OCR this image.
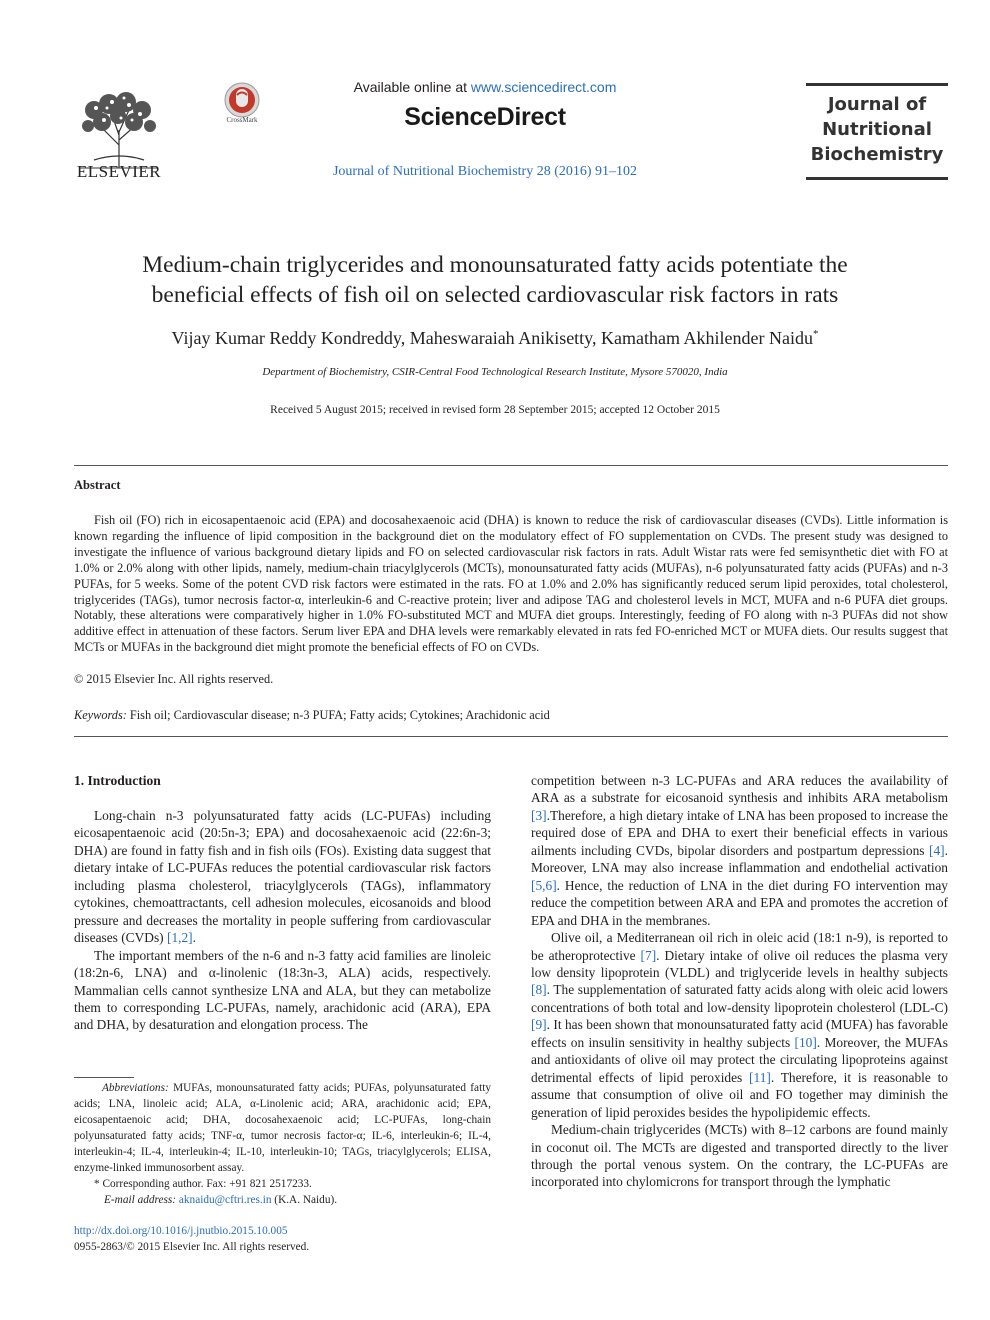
ELSEVIER
CrossMark
Available online at www.sciencedirect.com
ScienceDirect
Journal of Nutritional Biochemistry 28 (2016) 91–102
Journal of
Nutritional
Biochemistry
Medium-chain triglycerides and monounsaturated fatty acids potentiate the
beneficial effects of fish oil on selected cardiovascular risk factors in rats
Vijay Kumar Reddy Kondreddy, Maheswaraiah Anikisetty, Kamatham Akhilender Naidu*
Department of Biochemistry, CSIR-Central Food Technological Research Institute, Mysore 570020, India
Received 5 August 2015; received in revised form 28 September 2015; accepted 12 October 2015
Abstract

Fish oil (FO) rich in eicosapentaenoic acid (EPA) and docosahexaenoic acid (DHA) is known to reduce the risk of cardiovascular diseases (CVDs). Little information is known regarding the influence of lipid composition in the background diet on the modulatory effect of FO supplementation on CVDs. The present study was designed to investigate the influence of various background dietary lipids and FO on selected cardiovascular risk factors in rats. Adult Wistar rats were fed semisynthetic diet with FO at 1.0% or 2.0% along with other lipids, namely, medium-chain triacylglycerols (MCTs), monounsaturated fatty acids (MUFAs), n-6 polyunsaturated fatty acids (PUFAs) and n-3 PUFAs, for 5 weeks. Some of the potent CVD risk factors were estimated in the rats. FO at 1.0% and 2.0% has significantly reduced serum lipid peroxides, total cholesterol, triglycerides (TAGs), tumor necrosis factor-α, interleukin-6 and C-reactive protein; liver and adipose TAG and cholesterol levels in MCT, MUFA and n-6 PUFA diet groups. Notably, these alterations were comparatively higher in 1.0% FO-substituted MCT and MUFA diet groups. Interestingly, feeding of FO along with n-3 PUFAs did not show additive effect in attenuation of these factors. Serum liver EPA and DHA levels were remarkably elevated in rats fed FO-enriched MCT or MUFA diets. Our results suggest that MCTs or MUFAs in the background diet might promote the beneficial effects of FO on CVDs.

© 2015 Elsevier Inc. All rights reserved.
Keywords: Fish oil; Cardiovascular disease; n-3 PUFA; Fatty acids; Cytokines; Arachidonic acid
1. Introduction

Long-chain n-3 polyunsaturated fatty acids (LC-PUFAs) including eicosapentaenoic acid (20:5n-3; EPA) and docosahexaenoic acid (22:6n-3; DHA) are found in fatty fish and in fish oils (FOs). Existing data suggest that dietary intake of LC-PUFAs reduces the potential cardiovascular risk factors including plasma cholesterol, triacylglycerols (TAGs), inflammatory cytokines, chemoattractants, cell adhesion molecules, eicosanoids and blood pressure and decreases the mortality in people suffering from cardiovascular diseases (CVDs) [1,2].

The important members of the n-6 and n-3 fatty acid families are linoleic (18:2n-6, LNA) and α-linolenic (18:3n-3, ALA) acids, respectively. Mammalian cells cannot synthesize LNA and ALA, but they can metabolize them to corresponding LC-PUFAs, namely, arachidonic acid (ARA), EPA and DHA, by desaturation and elongation process. The

Abbreviations: MUFAs, monounsaturated fatty acids; PUFAs, polyunsaturated fatty acids; LNA, linoleic acid; ALA, α-Linolenic acid; ARA, arachidonic acid; EPA, eicosapentaenoic acid; DHA, docosahexaenoic acid; LC-PUFAs, long-chain polyunsaturated fatty acids; TNF-α, tumor necrosis factor-α; IL-6, interleukin-6; IL-4, interleukin-4; IL-4, interleukin-4; IL-10, interleukin-10; TAGs, triacylglycerols; ELISA, enzyme-linked immunosorbent assay.

* Corresponding author. Fax: +91 821 2517233.

E-mail address: aknaidu@cftri.res.in (K.A. Naidu).

http://dx.doi.org/10.1016/j.jnutbio.2015.10.005
0955-2863/© 2015 Elsevier Inc. All rights reserved.

competition between n-3 LC-PUFAs and ARA reduces the availability of ARA as a substrate for eicosanoid synthesis and inhibits ARA metabolism [3].Therefore, a high dietary intake of LNA has been proposed to increase the required dose of EPA and DHA to exert their beneficial effects in various ailments including CVDs, bipolar disorders and postpartum depressions [4]. Moreover, LNA may also increase inflammation and endothelial activation [5,6]. Hence, the reduction of LNA in the diet during FO intervention may reduce the competition between ARA and EPA and promotes the accretion of EPA and DHA in the membranes.

Olive oil, a Mediterranean oil rich in oleic acid (18:1 n-9), is reported to be atheroprotective [7]. Dietary intake of olive oil reduces the plasma very low density lipoprotein (VLDL) and triglyceride levels in healthy subjects [8]. The supplementation of saturated fatty acids along with oleic acid lowers concentrations of both total and low-density lipoprotein cholesterol (LDL-C) [9]. It has been shown that monounsaturated fatty acid (MUFA) has favorable effects on insulin sensitivity in healthy subjects [10]. Moreover, the MUFAs and antioxidants of olive oil may protect the circulating lipoproteins against detrimental effects of lipid peroxides [11]. Therefore, it is reasonable to assume that consumption of olive oil and FO together may diminish the generation of lipid peroxides besides the hypolipidemic effects.

Medium-chain triglycerides (MCTs) with 8–12 carbons are found mainly in coconut oil. The MCTs are digested and transported directly to the liver through the portal venous system. On the contrary, the LC-PUFAs are incorporated into chylomicrons for transport through the lymphatic
